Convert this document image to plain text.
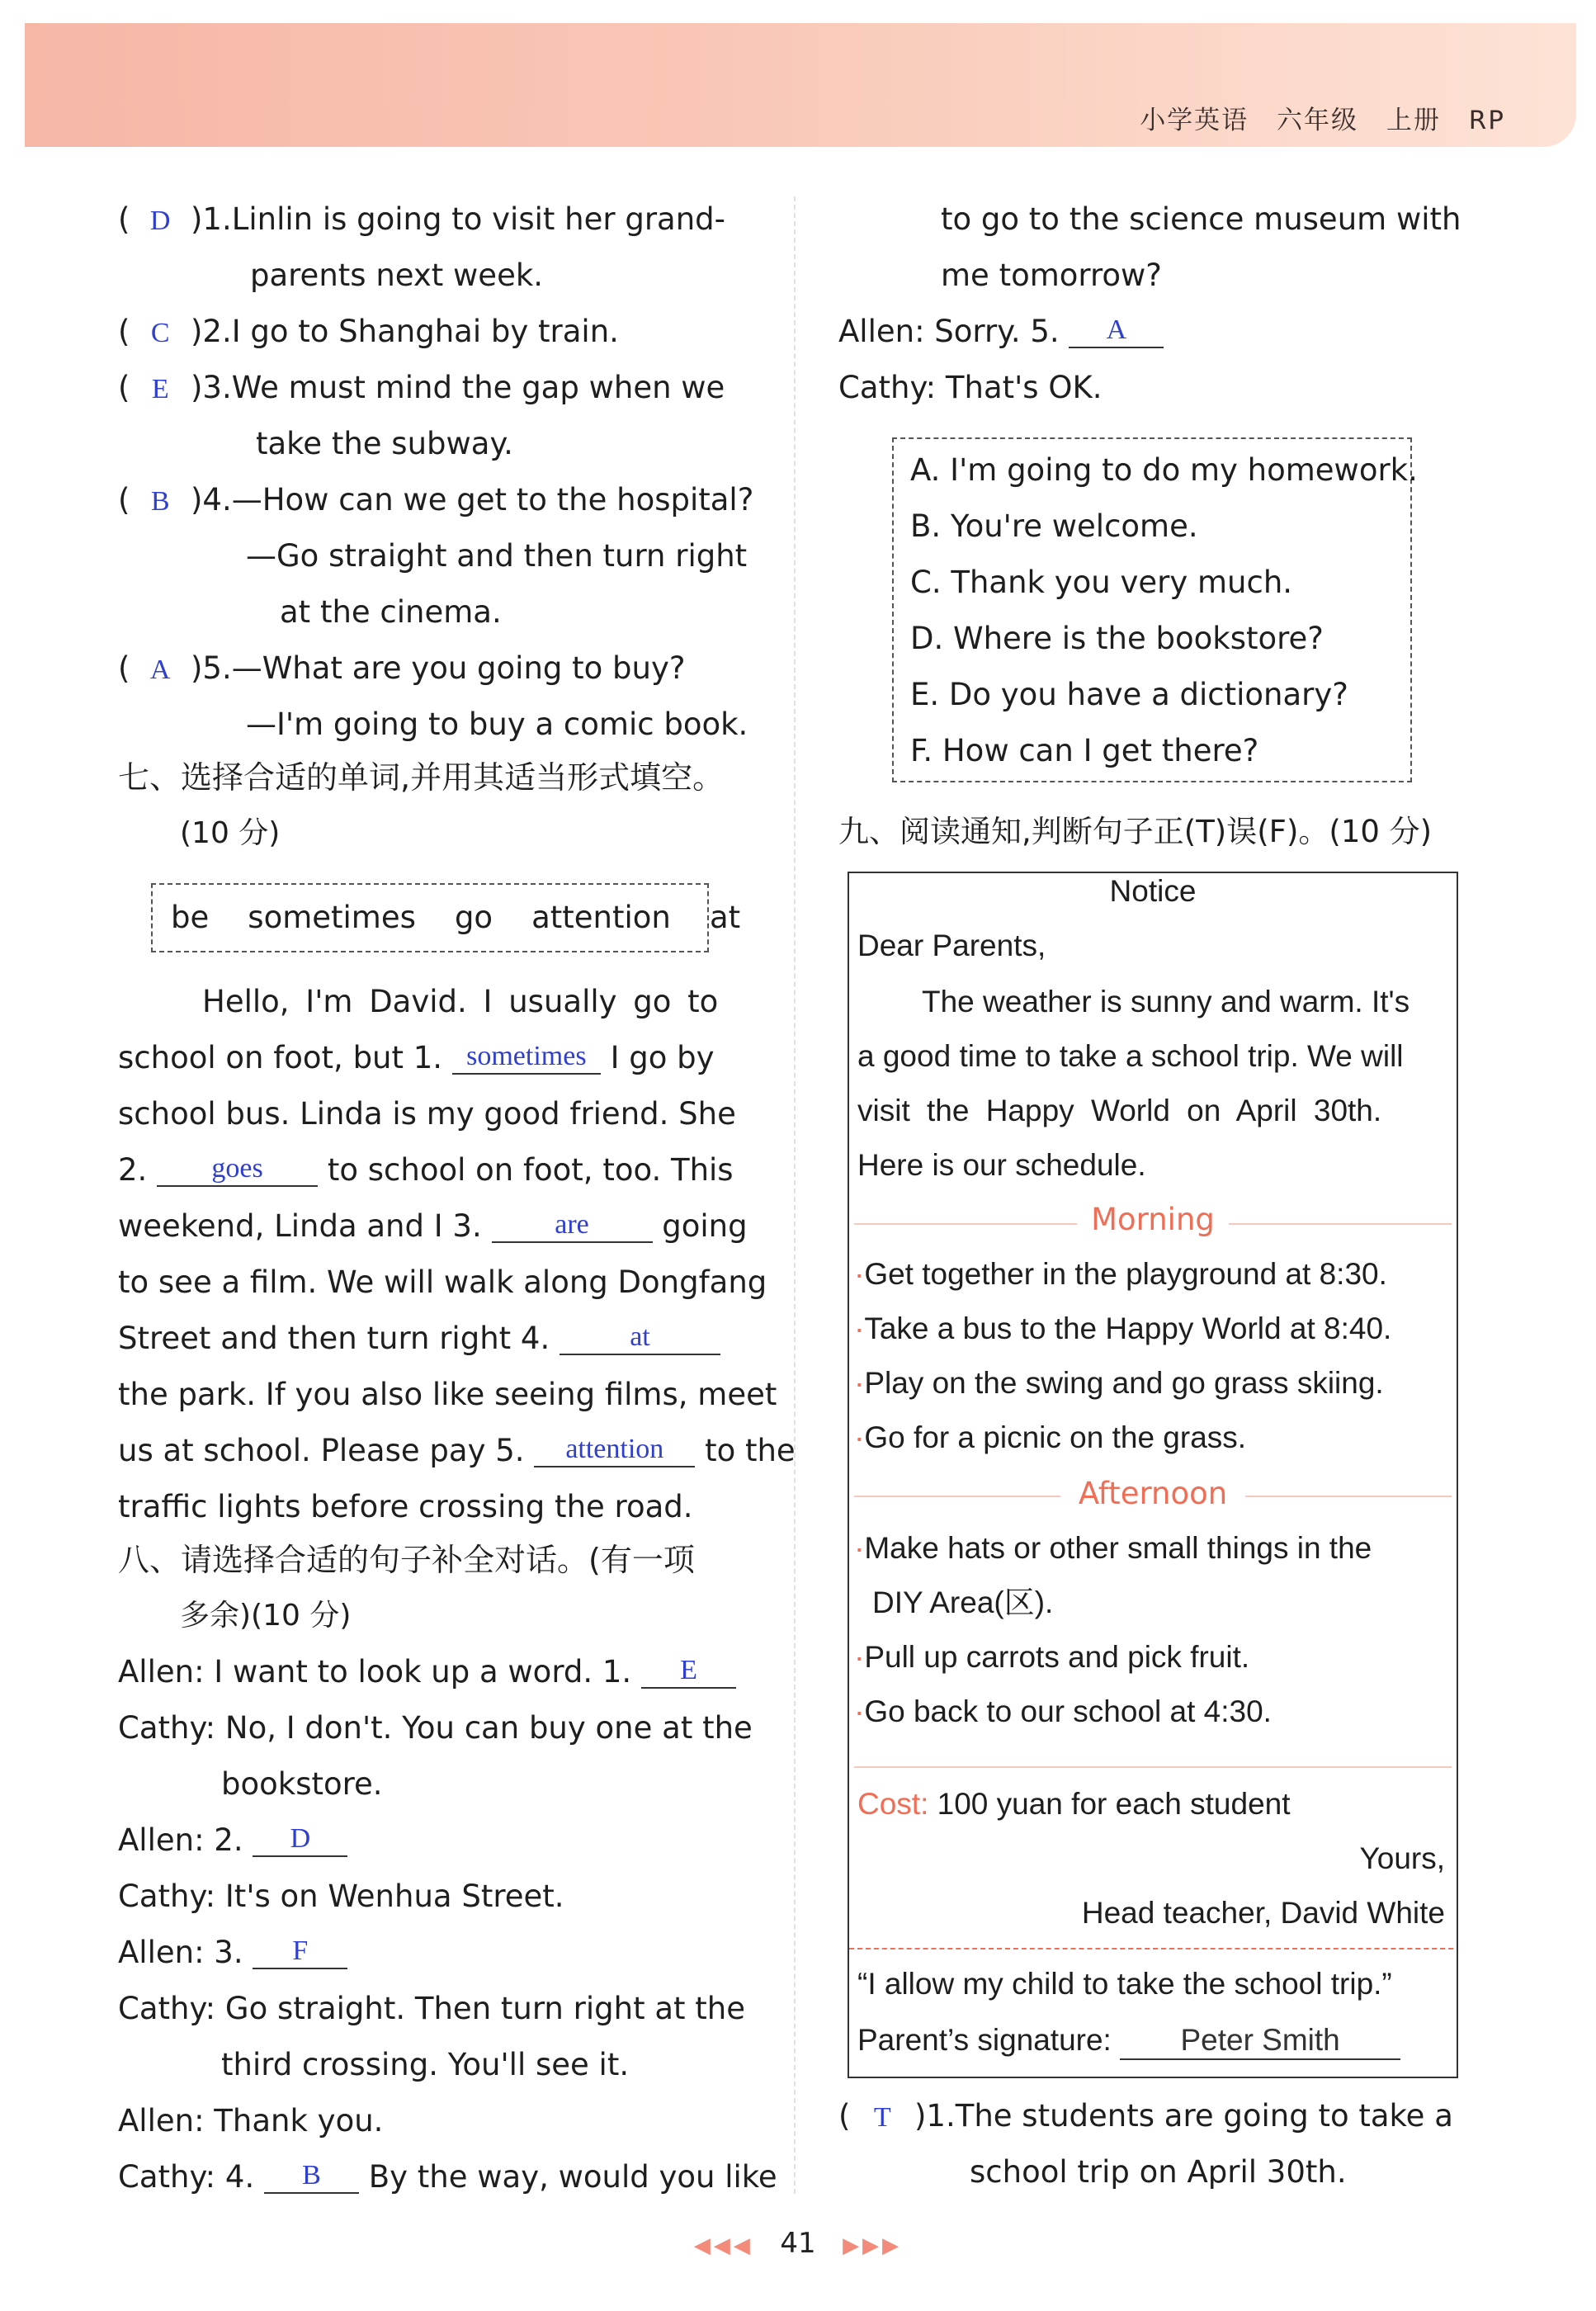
小学英语 六年级 上册 RP
( D )1.Linlin is going to visit her grand-
parents next week.
( C )2.I go to Shanghai by train.
( E )3.We must mind the gap when we
take the subway.
( B )4.—How can we get to the hospital?
—Go straight and then turn right
at the cinema.
( A )5.—What are you going to buy?
—I'm going to buy a comic book.
七、选择合适的单词,并用其适当形式填空。
(10 分)
be sometimes go attention at
Hello, I'm David. I usually go to
school on foot, but 1. sometimes I go by
school bus. Linda is my good friend. She
2. goes to school on foot, too. This
weekend, Linda and I 3.	are going
to see a film. We will walk along Dongfang
Street and then turn right 4.	at
the park. If you also like seeing films, meet
us at school. Please pay 5. attention to the
traffic lights before crossing the road.
八、请选择合适的句子补全对话。(有一项
多余)(10 分)
Allen: I want to look up a word. 1. E
Cathy: No, I don't. You can buy one at the
bookstore.
Allen: 2. D
Cathy: It's on Wenhua Street.
Allen: 3. F
Cathy: Go straight. Then turn right at the
third crossing. You'll see it.
Allen: Thank you.
Cathy: 4. B By the way, would you like
to go to the science museum with
me tomorrow?
Allen: Sorry. 5. A
Cathy: That's OK.
A. I'm going to do my homework.
B. You're welcome.
C. Thank you very much.
D. Where is the bookstore?
E. Do you have a dictionary?
F. How can I get there?
九、阅读通知,判断句子正(T)误(F)。(10 分)
Notice
Dear Parents,
The weather is sunny and warm. It's
a good time to take a school trip. We will
visit the Happy World on April 30th.
Here is our schedule.
Morning
·Get together in the playground at 8:30.
·Take a bus to the Happy World at 8:40.
·Play on the swing and go grass skiing.
·Go for a picnic on the grass.
Afternoon
·Make hats or other small things in the
DIY Area(区).
·Pull up carrots and pick fruit.
·Go back to our school at 4:30.
Cost: 100 yuan for each student
Yours,
Head teacher, David White
“I allow my child to take the school trip.”
Parent’s signature: Peter Smith
( T )1.The students are going to take a
school trip on April 30th.
◀◀◀ 41 ▶▶▶
